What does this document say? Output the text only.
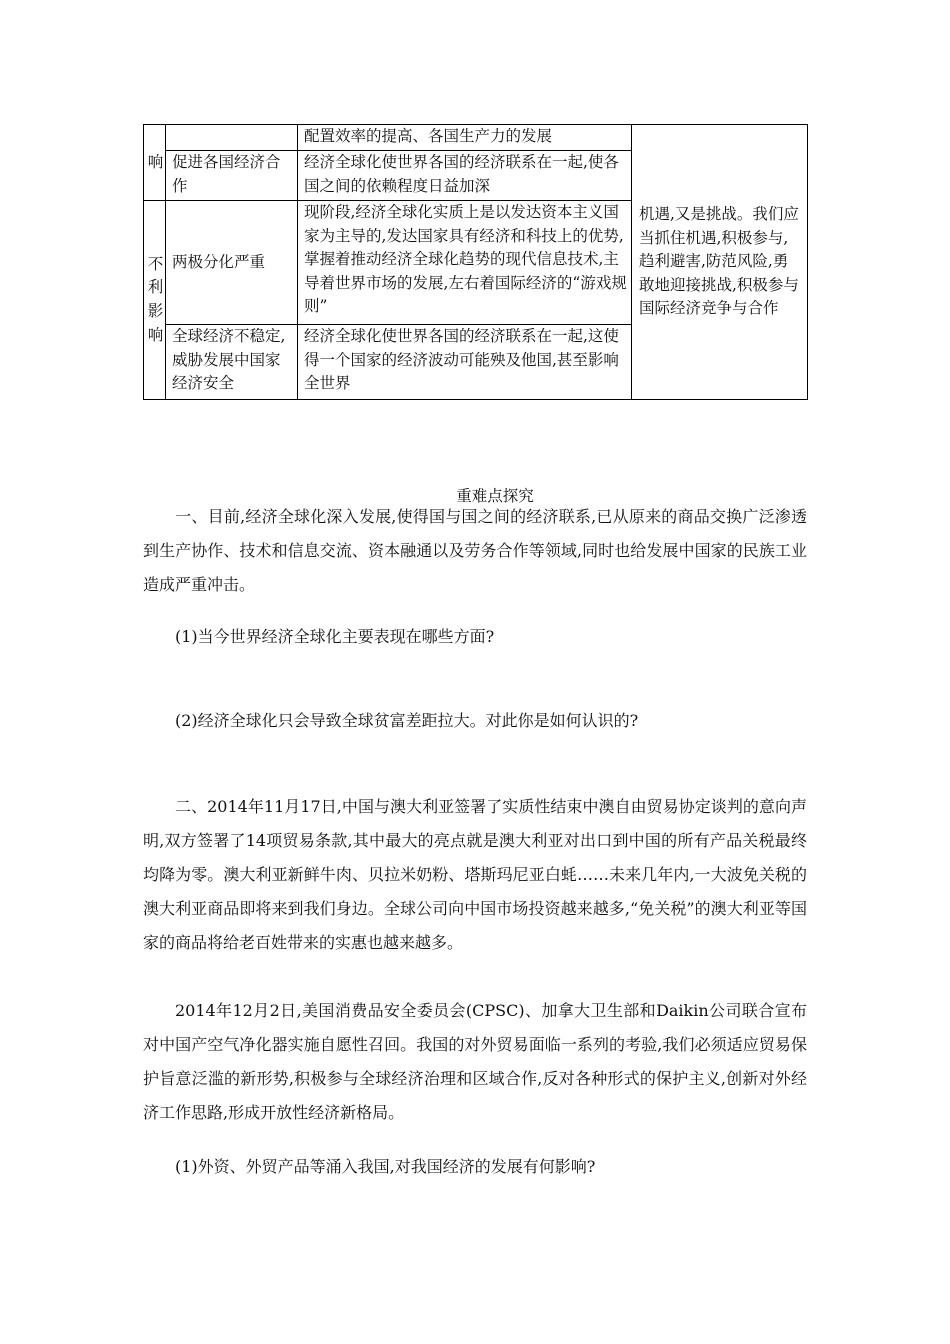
响		配置效率的提高、各国生产力的发展	机遇,又是挑战。我们应当抓住机遇,积极参与,趋利避害,防范风险,勇敢地迎接挑战,积极参与国际经济竞争与合作
	促进各国经济合作	经济全球化使世界各国的经济联系在一起,使各国之间的依赖程度日益加深	

不利影响	两极分化严重	现阶段,经济全球化实质上是以发达资本主义国家为主导的,发达国家具有经济和科技上的优势,掌握着推动经济全球化趋势的现代信息技术,主导着世界市场的发展,左右着国际经济的“游戏规则”	
	全球经济不稳定,威胁发展中国家经济安全	经济全球化使世界各国的经济联系在一起,这使得一个国家的经济波动可能殃及他国,甚至影响全世界	
重难点探究

一、目前,经济全球化深入发展,使得国与国之间的经济联系,已从原来的商品交换广泛渗透到生产协作、技术和信息交流、资本融通以及劳务合作等领域,同时也给发展中国家的民族工业造成严重冲击。

(1)当今世界经济全球化主要表现在哪些方面?

(2)经济全球化只会导致全球贫富差距拉大。对此你是如何认识的?

二、2014年11月17日,中国与澳大利亚签署了实质性结束中澳自由贸易协定谈判的意向声明,双方签署了14项贸易条款,其中最大的亮点就是澳大利亚对出口到中国的所有产品关税最终均降为零。澳大利亚新鲜牛肉、贝拉米奶粉、塔斯玛尼亚白蚝……未来几年内,一大波免关税的澳大利亚商品即将来到我们身边。全球公司向中国市场投资越来越多,“免关税”的澳大利亚等国家的商品将给老百姓带来的实惠也越来越多。

2014年12月2日,美国消费品安全委员会(CPSC)、加拿大卫生部和Daikin公司联合宣布对中国产空气净化器实施自愿性召回。我国的对外贸易面临一系列的考验,我们必须适应贸易保护旨意泛滥的新形势,积极参与全球经济治理和区域合作,反对各种形式的保护主义,创新对外经济工作思路,形成开放性经济新格局。

(1)外资、外贸产品等涌入我国,对我国经济的发展有何影响?
